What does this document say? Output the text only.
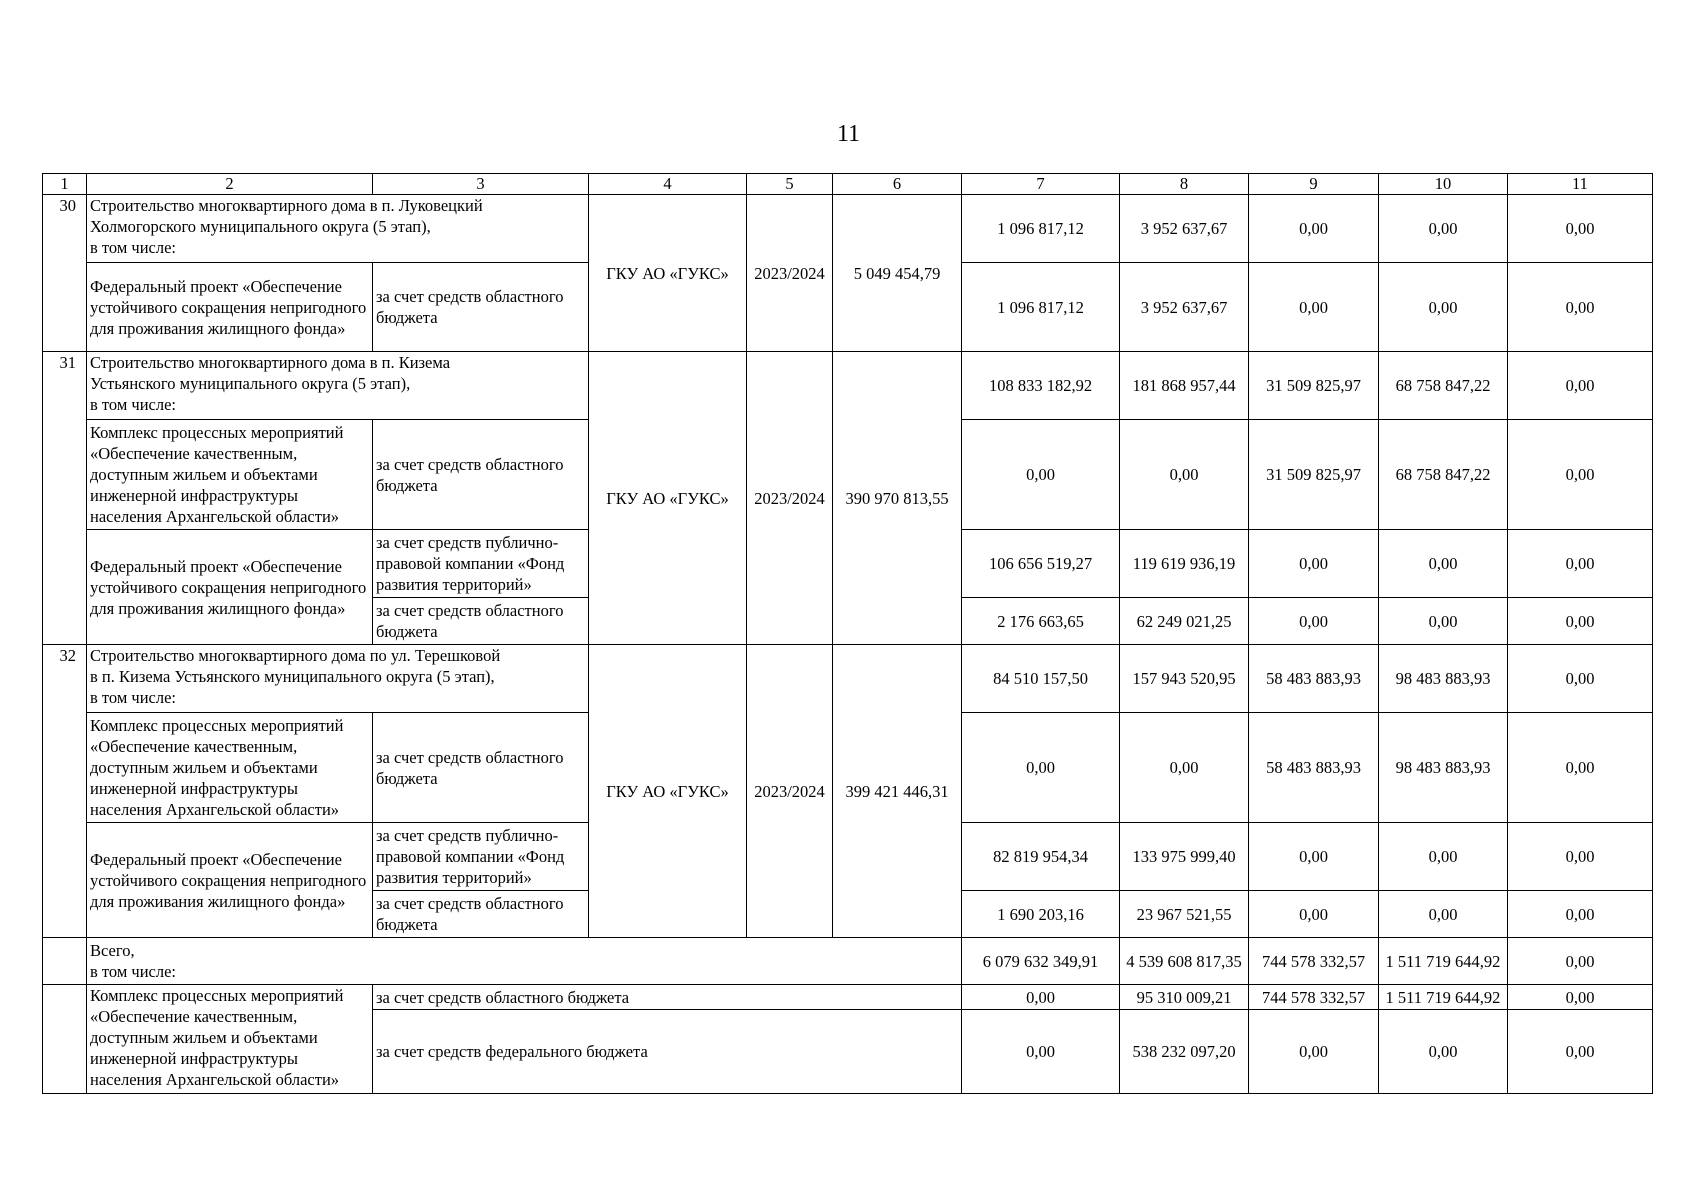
11
1	2	3	4	5	6	7	8	9	10	11
30	Строительство многоквартирного дома в п. Луковецкий
Холмогорского муниципального округа (5 этап),
в том числе:		ГКУ АО «ГУКС»	2023/2024	5 049 454,79	1 096 817,12	3 952 637,67	0,00	0,00	0,00
	Федеральный проект «Обеспечение устойчивого сокращения непригодного для проживания жилищного фонда»	за счет средств областного бюджета				1 096 817,12	3 952 637,67	0,00	0,00	0,00
31	Строительство многоквартирного дома в п. Кизема
Устьянского муниципального округа (5 этап),
в том числе:		ГКУ АО «ГУКС»	2023/2024	390 970 813,55	108 833 182,92	181 868 957,44	31 509 825,97	68 758 847,22	0,00
	Комплекс процессных мероприятий «Обеспечение качественным, доступным жильем и объектами инженерной инфраструктуры населения Архангельской области»	за счет средств областного бюджета				0,00	0,00	31 509 825,97	68 758 847,22	0,00
	Федеральный проект «Обеспечение устойчивого сокращения непригодного для проживания жилищного фонда»	за счет средств публично-правовой компании «Фонд развития территорий»				106 656 519,27	119 619 936,19	0,00	0,00	0,00
		за счет средств областного бюджета				2 176 663,65	62 249 021,25	0,00	0,00	0,00
32	Строительство многоквартирного дома по ул. Терешковой
в п. Кизема Устьянского муниципального округа (5 этап),
в том числе:		ГКУ АО «ГУКС»	2023/2024	399 421 446,31	84 510 157,50	157 943 520,95	58 483 883,93	98 483 883,93	0,00
	Комплекс процессных мероприятий «Обеспечение качественным, доступным жильем и объектами инженерной инфраструктуры населения Архангельской области»	за счет средств областного бюджета				0,00	0,00	58 483 883,93	98 483 883,93	0,00
	Федеральный проект «Обеспечение устойчивого сокращения непригодного для проживания жилищного фонда»	за счет средств публично-правовой компании «Фонд развития территорий»				82 819 954,34	133 975 999,40	0,00	0,00	0,00
		за счет средств областного бюджета				1 690 203,16	23 967 521,55	0,00	0,00	0,00
	Всего,
в том числе:					6 079 632 349,91	4 539 608 817,35	744 578 332,57	1 511 719 644,92	0,00
	Комплекс процессных мероприятий «Обеспечение качественным, доступным жильем и объектами инженерной инфраструктуры населения Архангельской области»	за счет средств областного бюджета				0,00	95 310 009,21	744 578 332,57	1 511 719 644,92	0,00
		за счет средств федерального бюджета				0,00	538 232 097,20	0,00	0,00	0,00
